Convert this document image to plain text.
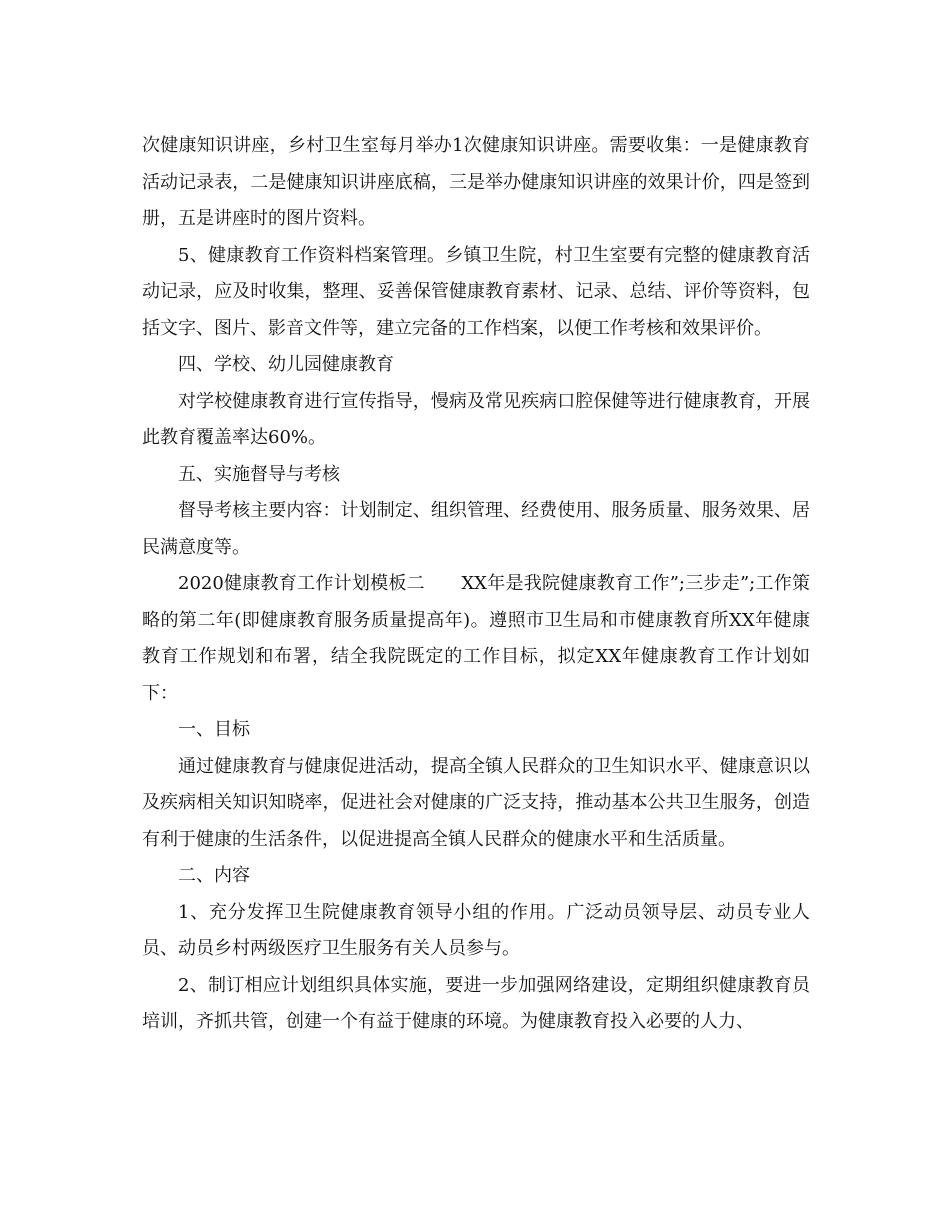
次健康知识讲座，乡村卫生室每月举办1次健康知识讲座。需要收集：一是健康教育活动记录表，二是健康知识讲座底稿，三是举办健康知识讲座的效果计价，四是签到册，五是讲座时的图片资料。

5、健康教育工作资料档案管理。乡镇卫生院，村卫生室要有完整的健康教育活动记录，应及时收集，整理、妥善保管健康教育素材、记录、总结、评价等资料，包括文字、图片、影音文件等，建立完备的工作档案，以便工作考核和效果评价。

四、学校、幼儿园健康教育

对学校健康教育进行宣传指导，慢病及常见疾病口腔保健等进行健康教育，开展此教育覆盖率达60%。

五、实施督导与考核

督导考核主要内容：计划制定、组织管理、经费使用、服务质量、服务效果、居民满意度等。

2020健康教育工作计划模板二　　XX年是我院健康教育工作”;三步走”;工作策略的第二年(即健康教育服务质量提高年)。遵照市卫生局和市健康教育所XX年健康教育工作规划和布署，结全我院既定的工作目标，拟定XX年健康教育工作计划如下：

一、目标

通过健康教育与健康促进活动，提高全镇人民群众的卫生知识水平、健康意识以及疾病相关知识知晓率，促进社会对健康的广泛支持，推动基本公共卫生服务，创造有利于健康的生活条件，以促进提高全镇人民群众的健康水平和生活质量。

二、内容

1、充分发挥卫生院健康教育领导小组的作用。广泛动员领导层、动员专业人员、动员乡村两级医疗卫生服务有关人员参与。

2、制订相应计划组织具体实施，要进一步加强网络建设，定期组织健康教育员培训，齐抓共管，创建一个有益于健康的环境。为健康教育投入必要的人力、
